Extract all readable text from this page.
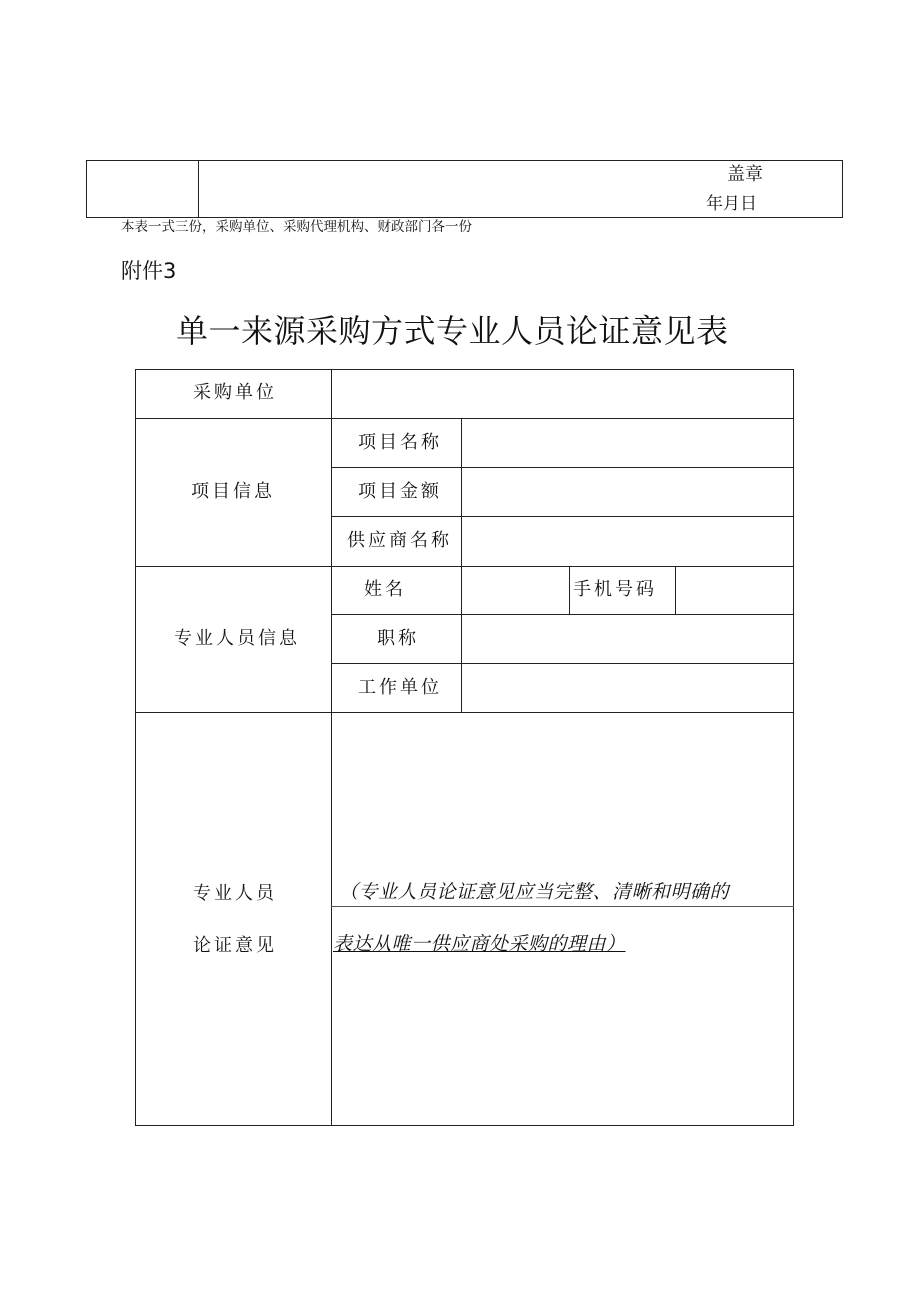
盖章
年月日
本表一式三份，采购单位、采购代理机构、财政部门各一份
附件3
单一来源采购方式专业人员论证意见表
采购单位
项目信息
项目名称
项目金额
供应商名称
专业人员信息
姓名	手机号码
职称
工作单位
专业人员
论证意见
（专业人员论证意见应当完整、清晰和明确的
表达从唯一供应商处采购的理由）
